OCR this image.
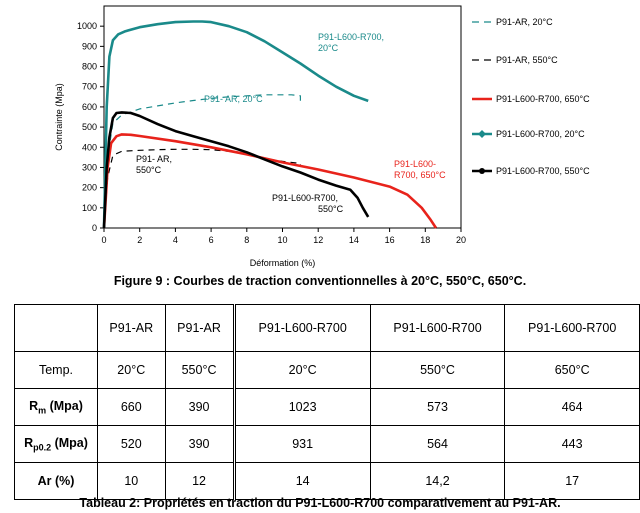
0	2	4	6	8	10	12	14	16	18	20
0
100
200
300
400
500
600
700
800
900
1000
Déformation (%)
Contrainte (Mpa)
P91-AR, 20°C
P91-AR, 550°C
P91-L600-R700, 650°C
P91-L600-R700, 20°C
P91-L600-R700, 550°C
P91-L600-R700,
20°C
P91- AR, 20°C
P91- AR,
550°C
P91-L600-
R700, 650°C
P91-L600-R700,
550°C
Figure 9 : Courbes de traction conventionnelles à 20°C, 550°C, 650°C.
	P91-AR	P91-AR	P91-L600-R700	P91-L600-R700	P91-L600-R700
Temp.	20°C	550°C	20°C	550°C	650°C
$R_m$ (Mpa)	660	390	1023	573	464
$R_{p0.2}$ (Mpa)	520	390	931	564	443
Ar (%)	10	12	14	14,2	17
Tableau 2: Propriétés en traction du P91-L600-R700 comparativement au P91-AR.
